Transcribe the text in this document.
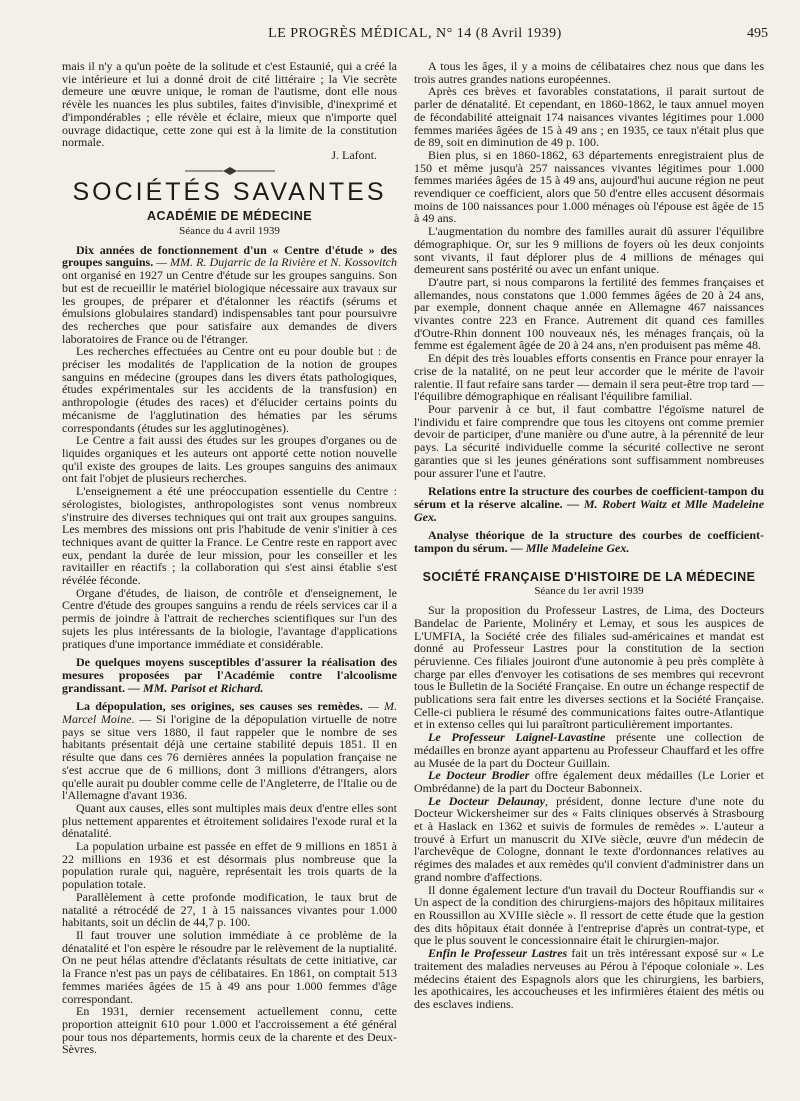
LE PROGRÈS MÉDICAL, N° 14 (8 Avril 1939)	495

mais il n'y a qu'un poète de la solitude et c'est Estaunié, qui a créé la vie intérieure et lui a donné droit de cité littéraire ; la Vie secrète demeure une œuvre unique, le roman de l'autisme, dont elle nous révèle les nuances les plus subtiles, faites d'invisible, d'inexprimé et d'impondérables ; elle révèle et éclaire, mieux que n'importe quel ouvrage didactique, cette zone qui est à la limite de la constitution normale.

J. Lafont.
SOCIÉTÉS SAVANTES
ACADÉMIE DE MÉDECINE
Séance du 4 avril 1939

Dix années de fonctionnement d'un « Centre d'étude » des groupes sanguins. — MM. R. Dujarric de la Rivière et N. Kossovitch ont organisé en 1927 un Centre d'étude sur les groupes sanguins. Son but est de recueillir le matériel biologique nécessaire aux travaux sur les groupes, de préparer et d'étalonner les réactifs (sérums et émulsions globulaires standard) indispensables tant pour poursuivre des recherches que pour satisfaire aux demandes de divers laboratoires de France ou de l'étranger.

Les recherches effectuées au Centre ont eu pour double but : de préciser les modalités de l'application de la notion de groupes sanguins en médecine (groupes dans les divers états pathologiques, études expérimentales sur les accidents de la transfusion) en anthropologie (études des races) et d'élucider certains points du mécanisme de l'agglutination des hématies par les sérums correspondants (études sur les agglutinogènes).

Le Centre a fait aussi des études sur les groupes d'organes ou de liquides organiques et les auteurs ont apporté cette notion nouvelle qu'il existe des groupes de laits. Les groupes sanguins des animaux ont fait l'objet de plusieurs recherches.

L'enseignement a été une préoccupation essentielle du Centre : sérologistes, biologistes, anthropologistes sont venus nombreux s'instruire des diverses techniques qui ont trait aux groupes sanguins. Les membres des missions ont pris l'habitude de venir s'initier à ces techniques avant de quitter la France. Le Centre reste en rapport avec eux, pendant la durée de leur mission, pour les conseiller et les ravitailler en réactifs ; la collaboration qui s'est ainsi établie s'est révélée féconde.

Organe d'études, de liaison, de contrôle et d'enseignement, le Centre d'étude des groupes sanguins a rendu de réels services car il a permis de joindre à l'attrait de recherches scientifiques sur l'un des sujets les plus intéressants de la biologie, l'avantage d'applications pratiques d'une importance immédiate et considérable.

De quelques moyens susceptibles d'assurer la réalisation des mesures proposées par l'Académie contre l'alcoolisme grandissant. — MM. Parisot et Richard.

La dépopulation, ses origines, ses causes ses remèdes. — M. Marcel Moine. — Si l'origine de la dépopulation virtuelle de notre pays se situe vers 1880, il faut rappeler que le nombre de ses habitants présentait déjà une certaine stabilité depuis 1851. Il en résulte que dans ces 76 dernières années la population française ne s'est accrue que de 6 millions, dont 3 millions d'étrangers, alors qu'elle aurait pu doubler comme celle de l'Angleterre, de l'Italie ou de l'Allemagne d'avant 1936.

Quant aux causes, elles sont multiples mais deux d'entre elles sont plus nettement apparentes et étroitement solidaires l'exode rural et la dénatalité.

La population urbaine est passée en effet de 9 millions en 1851 à 22 millions en 1936 et est désormais plus nombreuse que la population rurale qui, naguère, représentait les trois quarts de la population totale.

Parallèlement à cette profonde modification, le taux brut de natalité a rétrocédé de 27, 1 à 15 naissances vivantes pour 1.000 habitants, soit un déclin de 44,7 p. 100.

Il faut trouver une solution immédiate à ce problème de la dénatalité et l'on espère le résoudre par le relèvement de la nuptialité. On ne peut hélas attendre d'éclatants résultats de cette initiative, car la France n'est pas un pays de célibataires. En 1861, on comptait 513 femmes mariées âgées de 15 à 49 ans pour 1.000 femmes d'âge correspondant.

En 1931, dernier recensement actuellement connu, cette proportion atteignit 610 pour 1.000 et l'accroissement a été général pour tous nos départements, hormis ceux de la charente et des Deux-Sèvres.

A tous les âges, il y a moins de célibataires chez nous que dans les trois autres grandes nations européennes.

Après ces brèves et favorables constatations, il parait surtout de parler de dénatalité. Et cependant, en 1860-1862, le taux annuel moyen de fécondabilité atteignait 174 naisances vivantes légitimes pour 1.000 femmes mariées âgées de 15 à 49 ans ; en 1935, ce taux n'était plus que de 89, soit en diminution de 49 p. 100.

Bien plus, si en 1860-1862, 63 départements enregistraient plus de 150 et même jusqu'à 257 naissances vivantes légitimes pour 1.000 femmes mariées âgées de 15 à 49 ans, aujourd'hui aucune région ne peut revendiquer ce coefficient, alors que 50 d'entre elles accusent désormais moins de 100 naissances pour 1.000 ménages où l'épouse est âgée de 15 à 49 ans.

L'augmentation du nombre des familles aurait dû assurer l'équilibre démographique. Or, sur les 9 millions de foyers où les deux conjoints sont vivants, il faut déplorer plus de 4 millions de ménages qui demeurent sans postérité ou avec un enfant unique.

D'autre part, si nous comparons la fertilité des femmes françaises et allemandes, nous constatons que 1.000 femmes âgées de 20 à 24 ans, par exemple, donnent chaque année en Allemagne 467 naissances vivantes contre 223 en France. Autrement dit quand ces familles d'Outre-Rhin donnent 100 nouveaux nés, les ménages français, où la femme est également âgée de 20 à 24 ans, n'en produisent pas même 48.

En dépit des très louables efforts consentis en France pour enrayer la crise de la natalité, on ne peut leur accorder que le mérite de l'avoir ralentie. Il faut refaire sans tarder — demain il sera peut-être trop tard — l'équilibre démographique en réalisant l'équilibre familial.

Pour parvenir à ce but, il faut combattre l'égoïsme naturel de l'individu et faire comprendre que tous les citoyens ont comme premier devoir de participer, d'une manière ou d'une autre, à la pérennité de leur pays. La sécurité individuelle comme la sécurité collective ne seront garanties que si les jeunes générations sont suffisamment nombreuses pour assurer l'une et l'autre.

Relations entre la structure des courbes de coefficient-tampon du sérum et la réserve alcaline. — M. Robert Waitz et Mlle Madeleine Gex.

Analyse théorique de la structure des courbes de coefficient-tampon du sérum. — Mlle Madeleine Gex.

SOCIÉTÉ FRANÇAISE D'HISTOIRE DE LA MÉDECINE
Séance du 1er avril 1939

Sur la proposition du Professeur Lastres, de Lima, des Docteurs Bandelac de Pariente, Molinéry et Lemay, et sous les auspices de L'UMFIA, la Société crée des filiales sud-américaines et mandat est donné au Professeur Lastres pour la constitution de la section péruvienne. Ces filiales jouiront d'une autonomie à peu près complète à charge par elles d'envoyer les cotisations de ses membres qui recevront tous le Bulletin de la Société Française. En outre un échange respectif de publications sera fait entre les diverses sections et la Société Française. Celle-ci publiera le résumé des communications faites outre-Atlantique et in extenso celles qui lui paraîtront particulièrement importantes.

Le Professeur Laignel-Lavastine présente une collection de médailles en bronze ayant appartenu au Professeur Chauffard et les offre au Musée de la part du Docteur Guillain.

Le Docteur Brodier offre également deux médailles (Le Lorier et Ombrédanne) de la part du Docteur Babonneix.

Le Docteur Delaunay, président, donne lecture d'une note du Docteur Wickersheimer sur des « Faits cliniques observés à Strasbourg et à Haslack en 1362 et suivis de formules de remèdes ». L'auteur a trouvé à Erfurt un manuscrit du XIVe siècle, œuvre d'un médecin de l'archevêque de Cologne, donnant le texte d'ordonnances relatives au régimes des malades et aux remèdes qu'il convient d'administrer dans un grand nombre d'affections.

Il donne également lecture d'un travail du Docteur Rouffiandis sur « Un aspect de la condition des chirurgiens-majors des hôpitaux militaires en Roussillon au XVIIIe siècle ». Il ressort de cette étude que la gestion des dits hôpitaux était donnée à l'entreprise d'après un contrat-type, et que le plus souvent le concessionnaire était le chirurgien-major.

Enfin le Professeur Lastres fait un très intéressant exposé sur « Le traitement des maladies nerveuses au Pérou à l'époque coloniale ». Les médecins étaient des Espagnols alors que les chirurgiens, les barbiers, les apothicaires, les accoucheuses et les infirmières étaient des métis ou des esclaves indiens.
